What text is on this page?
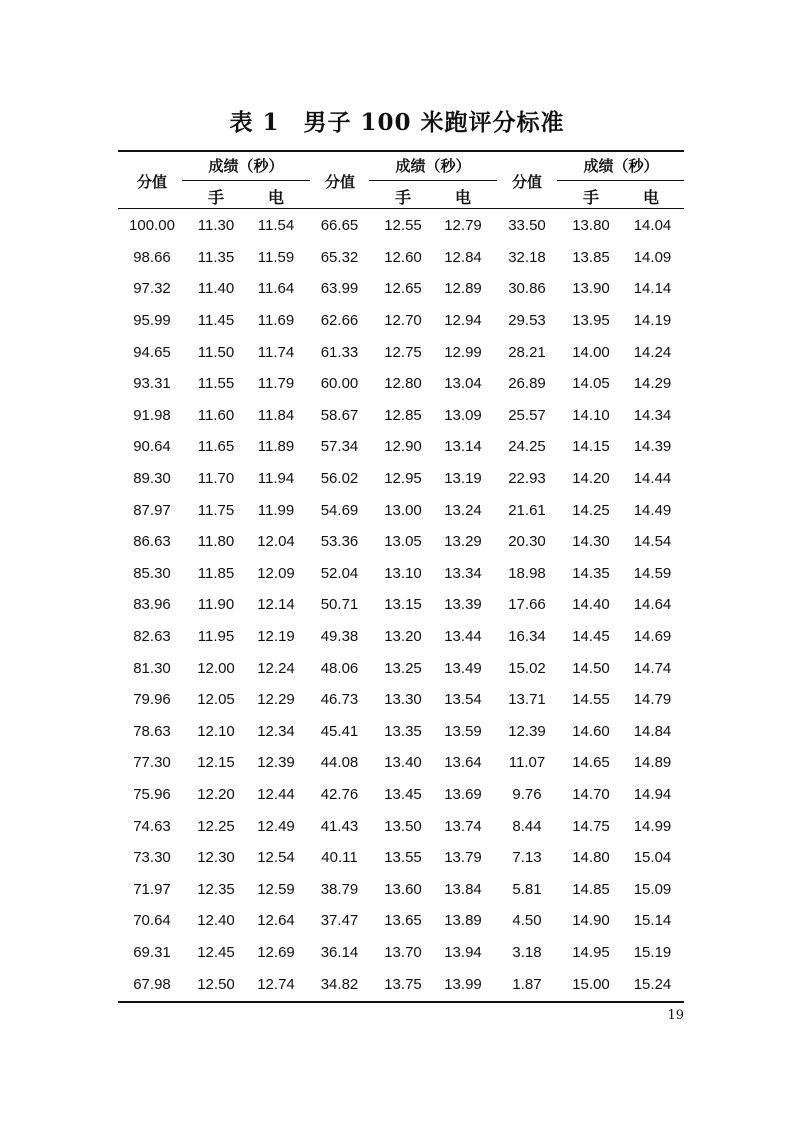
表 1　男子 100 米跑评分标准
分值
成绩（秒）
手	电
分值
成绩（秒）
手	电
分值
成绩（秒）
手	电
100.00	11.30	11.54	66.65	12.55	12.79	33.50	13.80	14.04
98.66	11.35	11.59	65.32	12.60	12.84	32.18	13.85	14.09
97.32	11.40	11.64	63.99	12.65	12.89	30.86	13.90	14.14
95.99	11.45	11.69	62.66	12.70	12.94	29.53	13.95	14.19
94.65	11.50	11.74	61.33	12.75	12.99	28.21	14.00	14.24
93.31	11.55	11.79	60.00	12.80	13.04	26.89	14.05	14.29
91.98	11.60	11.84	58.67	12.85	13.09	25.57	14.10	14.34
90.64	11.65	11.89	57.34	12.90	13.14	24.25	14.15	14.39
89.30	11.70	11.94	56.02	12.95	13.19	22.93	14.20	14.44
87.97	11.75	11.99	54.69	13.00	13.24	21.61	14.25	14.49
86.63	11.80	12.04	53.36	13.05	13.29	20.30	14.30	14.54
85.30	11.85	12.09	52.04	13.10	13.34	18.98	14.35	14.59
83.96	11.90	12.14	50.71	13.15	13.39	17.66	14.40	14.64
82.63	11.95	12.19	49.38	13.20	13.44	16.34	14.45	14.69
81.30	12.00	12.24	48.06	13.25	13.49	15.02	14.50	14.74
79.96	12.05	12.29	46.73	13.30	13.54	13.71	14.55	14.79
78.63	12.10	12.34	45.41	13.35	13.59	12.39	14.60	14.84
77.30	12.15	12.39	44.08	13.40	13.64	11.07	14.65	14.89
75.96	12.20	12.44	42.76	13.45	13.69	9.76	14.70	14.94
74.63	12.25	12.49	41.43	13.50	13.74	8.44	14.75	14.99
73.30	12.30	12.54	40.11	13.55	13.79	7.13	14.80	15.04
71.97	12.35	12.59	38.79	13.60	13.84	5.81	14.85	15.09
70.64	12.40	12.64	37.47	13.65	13.89	4.50	14.90	15.14
69.31	12.45	12.69	36.14	13.70	13.94	3.18	14.95	15.19
67.98	12.50	12.74	34.82	13.75	13.99	1.87	15.00	15.24
19
